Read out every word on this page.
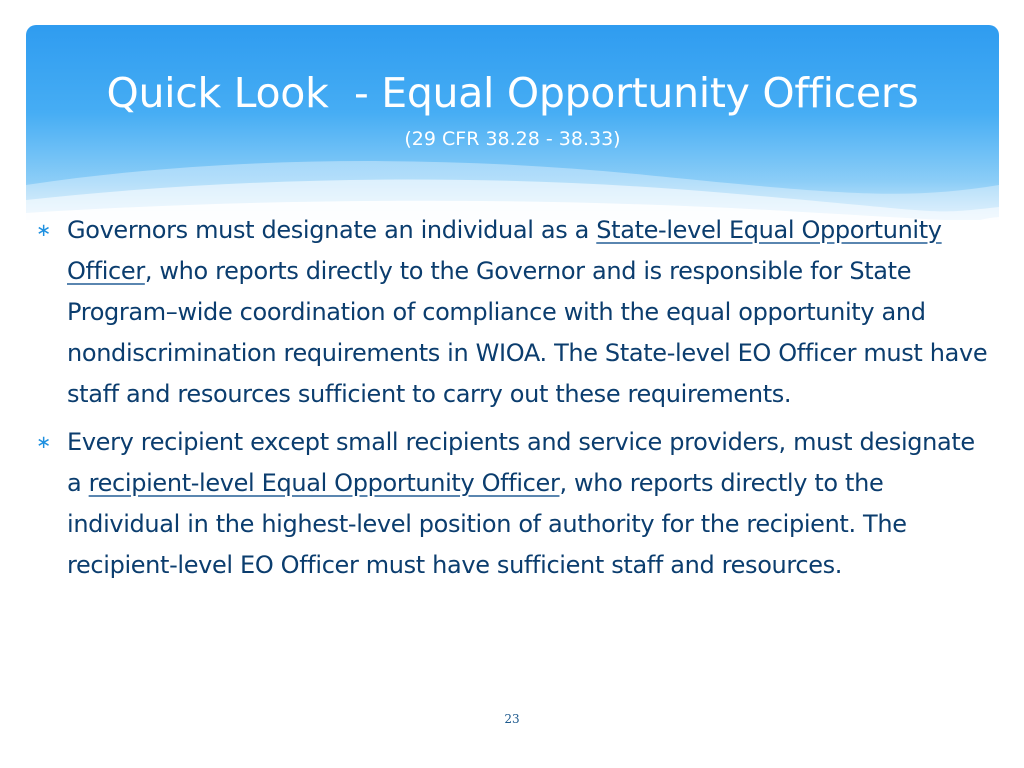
Quick Look  - Equal Opportunity Officers
(29 CFR 38.28 - 38.33)
∗ Governors must designate an individual as a State-level Equal Opportunity Officer, who reports directly to the Governor and is responsible for State Program–wide coordination of compliance with the equal opportunity and nondiscrimination requirements in WIOA. The State-level EO Officer must have staff and resources sufficient to carry out these requirements.
∗ Every recipient except small recipients and service providers, must designate a recipient-level Equal Opportunity Officer, who reports directly to the individual in the highest-level position of authority for the recipient. The recipient-level EO Officer must have sufficient staff and resources.
23
